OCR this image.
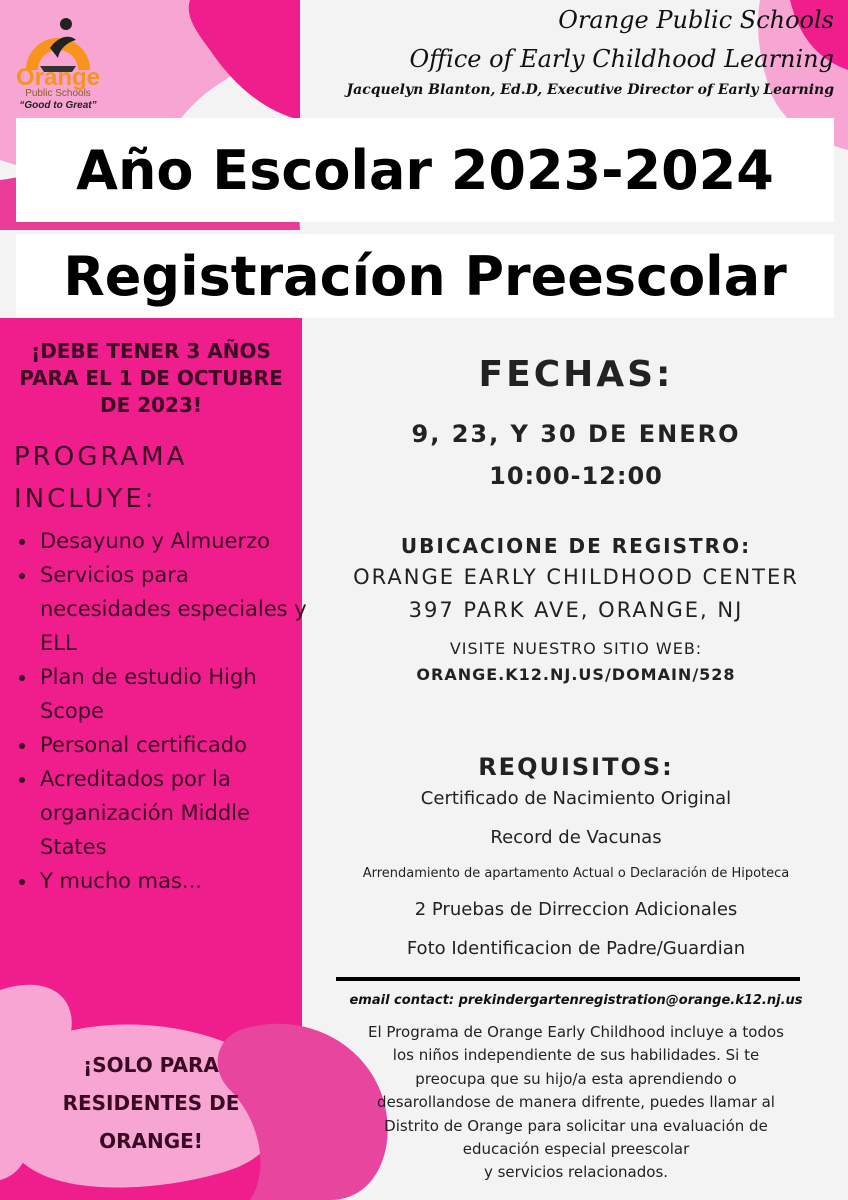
Orange
Public Schools
“Good to Great”
Orange Public Schools
Office of Early Childhood Learning
Jacquelyn Blanton, Ed.D, Executive Director of Early Learning
Año Escolar 2023-2024
Registracíon Preescolar
¡DEBE TENER 3 AÑOS
PARA EL 1 DE OCTUBRE
DE 2023!
PROGRAMA
INCLUYE:
• Desayuno y Almuerzo
• Servicios para necesidades especiales y ELL
• Plan de estudio High Scope
• Personal certificado
• Acreditados por la organización Middle States
• Y mucho mas...
¡SOLO PARA
RESIDENTES DE
ORANGE!
FECHAS:
9, 23, Y 30 DE ENERO
10:00-12:00
UBICACIONE DE REGISTRO:
ORANGE EARLY CHILDHOOD CENTER
397 PARK AVE, ORANGE, NJ
VISITE NUESTRO SITIO WEB:
ORANGE.K12.NJ.US/DOMAIN/528
REQUISITOS:
Certificado de Nacimiento Original
Record de Vacunas
Arrendamiento de apartamento Actual o Declaración de Hipoteca
2 Pruebas de Dirreccion Adicionales
Foto Identificacion de Padre/Guardian
email contact: prekindergartenregistration@orange.k12.nj.us
El Programa de Orange Early Childhood incluye a todos
los niños independiente de sus habilidades. Si te
preocupa que su hijo/a esta aprendiendo o
desarollandose de manera difrente, puedes llamar al
Distrito de Orange para solicitar una evaluación de
educación especial preescolar
y servicios relacionados.
